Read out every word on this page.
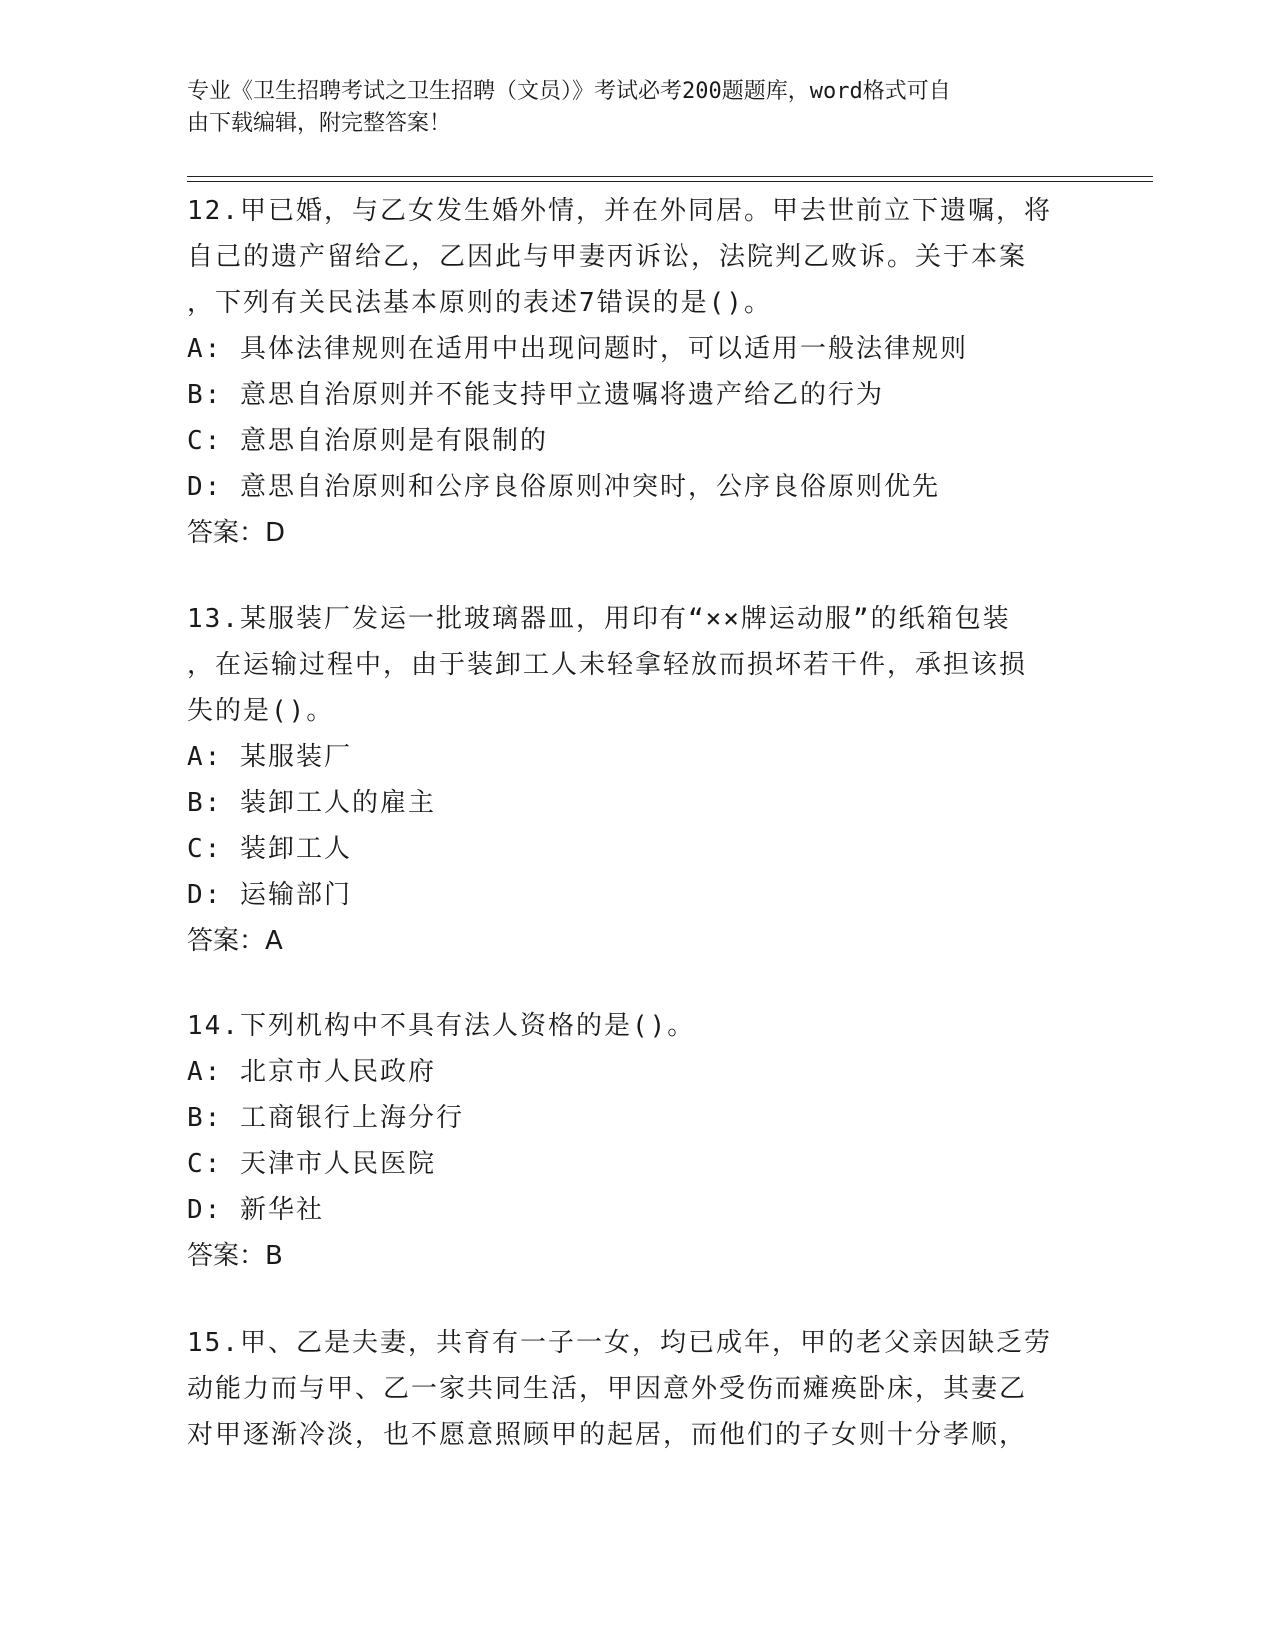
专业《卫生招聘考试之卫生招聘（文员）》考试必考200题题库，word格式可自
由下载编辑，附完整答案！
12.甲已婚，与乙女发生婚外情，并在外同居。甲去世前立下遗嘱，将
自己的遗产留给乙，乙因此与甲妻丙诉讼，法院判乙败诉。关于本案
，下列有关民法基本原则的表述7错误的是()。
A: 具体法律规则在适用中出现问题时，可以适用一般法律规则
B: 意思自治原则并不能支持甲立遗嘱将遗产给乙的行为
C: 意思自治原则是有限制的
D: 意思自治原则和公序良俗原则冲突时，公序良俗原则优先
答案：D
13.某服装厂发运一批玻璃器皿，用印有“××牌运动服”的纸箱包装
，在运输过程中，由于装卸工人未轻拿轻放而损坏若干件，承担该损
失的是()。
A: 某服装厂
B: 装卸工人的雇主
C: 装卸工人
D: 运输部门
答案：A
14.下列机构中不具有法人资格的是()。
A: 北京市人民政府
B: 工商银行上海分行
C: 天津市人民医院
D: 新华社
答案：B
15.甲、乙是夫妻，共育有一子一女，均已成年，甲的老父亲因缺乏劳
动能力而与甲、乙一家共同生活，甲因意外受伤而瘫痪卧床，其妻乙
对甲逐渐冷淡，也不愿意照顾甲的起居，而他们的子女则十分孝顺，
